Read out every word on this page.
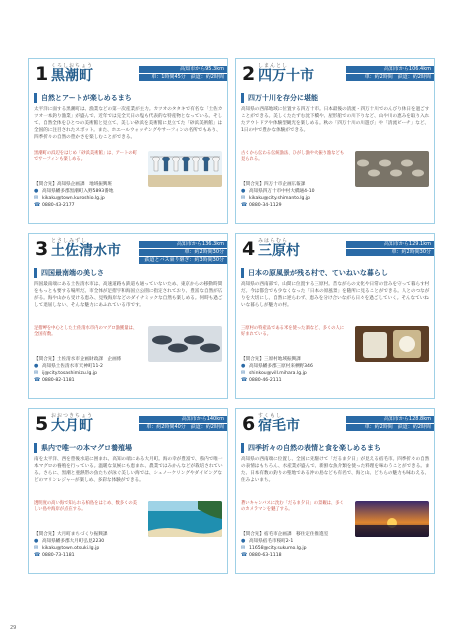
1 くろしおちょう
黒潮町	高知市から95.3km
車：1時間45分　鉄道：約2時間
自然とアートが楽しめるまち
太平洋に面する黒潮町は、漁業などの第一次産業が主力。カツオのタタキで有名な「土佐カツオ一本釣り漁業」が盛んで、近年では完全天日の塩も代表的な特産物となっている。そして、自然全体をひとつの美術館と見立て、美しい砂浜を美術館に見立てた「砂浜美術館」は全国的に注目されたスポット。また、ホエールウォッチングやサーフィンの名所でもあり、四季折々の自然の豊かさを楽しむことができる。
黒潮町の浜辺をはじめ「砂浜美術館」は、アートの町でサーフィンも楽しめる。
【問合先】高知県企画課　地域振興班
● 高知県幡多郡黒潮町入野5893番地
✉ kikaku@town.kuroshio.lg.jp
☎ 0880-43-2177
2 しまんとし
四万十市	高知市から106.4km
車：約2時間　鉄道：約2時間
四万十川を存分に堪能
高知県の西部地域に位置する四万十市。日本最後の清流・四万十川でのんびり休日を過ごすことができる。美しくたたずむ沈下橋や、屋形船での川下りなど、山や川の恵みを取り入れたアウトドアや体験型観光を楽しめる。秋の「四万十川の川遊び」や「清流ビーチ」など、1日の中で豊かな体験ができる。
古くから伝わる伝統漁法、ひがし漁や火振り漁なども見られる。
【問合先】四万十市企画広報課
● 高知県四万十市中村大橋通4-10
✉ kikaku@city.shimanto.lg.jp
☎ 0880-34-1129
3 とさしみずし
土佐清水市	高知市から136.3km
車：約2時間30分
鉄道とバス乗り継ぎ：約3時間30分
四国最南端の美しさ
四国最南端にある土佐清水市は、高速道路も鉄道も通っていないため、東京からの移動時間をもっとも要する場所だ。市全体が足摺宇和海国立公園に指定されており、豊富な自然が広がる。海や山から受ける恵み、見残海岸などのダイナミックな自然も楽しめる。何時も過ごして退屈しない、そんな魅力にあふれている市です。
足摺岬を中心とした土佐清水市内のマグロ漁獲量は、全国有数。
【問合先】土佐清水市企画財政課　企画係
● 高知県土佐清水市天神町11-2
✉ ij@city.tosashimizu.lg.jp
☎ 0880-82-1181
4 みはらむら
三原村	高知市から129.1km
車：約2時間30分
日本の原風景が残る村で、ていねいな暮らし
高知県の西南部で、山間に位置する三原村。昔ながらの文化や日常の営みを守って暮らす村だ。今は都会でも少なくなった「日本の原風景」を随所に見ることができる。人とのつながりを大切にし、自然に逆らわず、恵みを分け合いながら日々を過ごしていく。そんなていねいな暮らしが魅力の村。
三原村の特産品である米を使った酒など、多くの人に好まれている。
【問合先】三原村地域振興課
● 高知県幡多郡三原村来栖野346
✉ shinkou@vill.mihara.lg.jp
☎ 0880-46-2111
5 おおつきちょう
大月町	高知市から140km
車：約2時間40分　鉄道：約2時間
県内で唯一の本マグロ養殖場
南を太平洋、西を豊後水道に囲まれ、高知の端にある大月町。海の幸が豊富で、県内で唯一本マグロの養殖を行っている。温暖な気候にも恵まれ、農業ではみかんなどが栽培されている。さらに、黒潮と亜熱帯の魚たちが泳ぐ美しい海では、シュノーケリングやダイビングなどのマリンレジャーが楽しめ、多彩な体験ができる。
透明度の高い海で知られる柏島をはじめ、数多くの美しい島や海岸が点在する。
【問合先】大月町まちづくり振興課
● 高知県幡多郡大月町弘見2230
✉ kikaku@town.otsuki.lg.jp
☎ 0880-73-1181
6 すくもし
宿毛市	高知市から128.8km
車：約2時間　鉄道：約2時間
四季折々の自然の表情と食を楽しめるまち
高知県の西南端に位置し、全国に先駆けて「だるま夕日」が見える宿毛市。四季折々の自然の表情はもちろん、水産業が盛んで、新鮮な魚介類を使った料理を味わうことができる。また、日本有数の釣りの聖地である沖の島なども有名で、海と山、どちらの魅力も味わえる、住みよいまち。
蒼いキャンバスに沈む「だるま夕日」の景観は、多くのカメラマンを魅了する。
【問合先】宿毛市企画課　移住定住推進室
● 高知県宿毛市桜町2-1
✉ 11658@city.sukumo.lg.jp
☎ 0880-63-1118
29
